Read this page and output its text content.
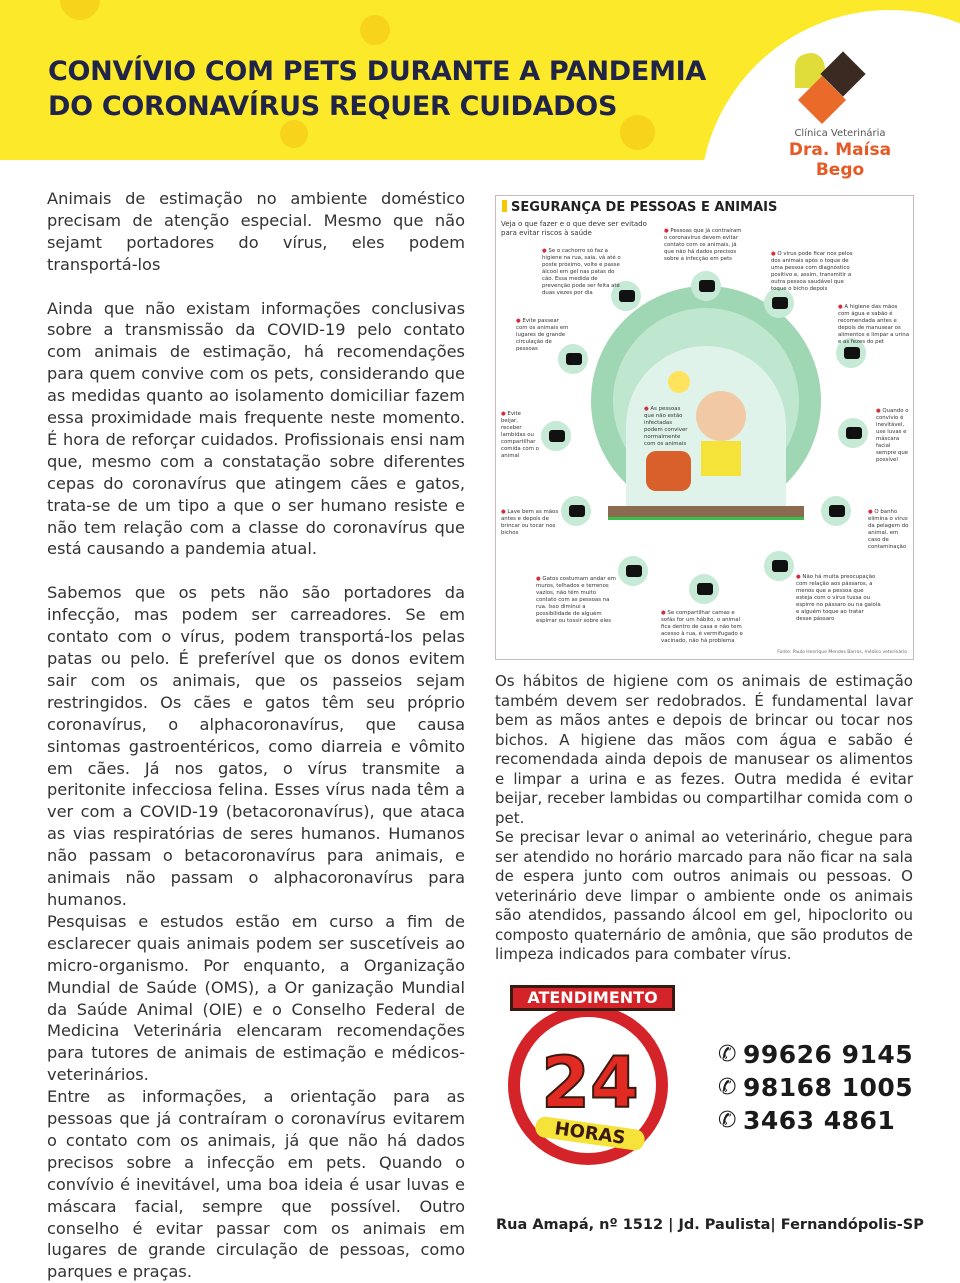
CONVÍVIO COM PETS DURANTE A PANDEMIA
DO CORONAVÍRUS REQUER CUIDADOS
Clínica Veterinária
Dra. Maísa Bego

Animais de estimação no ambiente doméstico precisam de atenção especial. Mesmo que não sejamt portadores do vírus, eles podem transportá-los

Ainda que não existam informações conclusivas sobre a transmissão da COVID-19 pelo contato com animais de estimação, há recomendações para quem convive com os pets, considerando que as medidas quanto ao isolamento domiciliar fazem essa proximidade mais frequente neste momento. É hora de reforçar cuidados. Profissionais ensi nam que, mesmo com a constatação sobre diferentes cepas do coronavírus que atingem cães e gatos, trata-se de um tipo a que o ser humano resiste e não tem relação com a classe do coronavírus que está causando a pandemia atual.

Sabemos que os pets não são portadores da infecção, mas podem ser carreadores. Se em contato com o vírus, podem transportá-los pelas patas ou pelo. É preferível que os donos evitem sair com os animais, que os passeios sejam restringidos. Os cães e gatos têm seu próprio coronavírus, o alphacoronavírus, que causa sintomas gastroentéricos, como diarreia e vômito em cães. Já nos gatos, o vírus transmite a peritonite infecciosa felina. Esses vírus nada têm a ver com a COVID-19 (betacoronavírus), que ataca as vias respiratórias de seres humanos. Humanos não passam o betacoronavírus para animais, e animais não passam o alphacoronavírus para humanos.

Pesquisas e estudos estão em curso a fim de esclarecer quais animais podem ser suscetíveis ao micro-organismo. Por enquanto, a Organização Mundial de Saúde (OMS), a Or ganização Mundial da Saúde Animal (OIE) e o Conselho Federal de Medicina Veterinária elencaram recomendações para tutores de animais de estimação e médicos-veterinários.

Entre as informações, a orientação para as pessoas que já contraíram o coronavírus evitarem o contato com os animais, já que não há dados precisos sobre a infecção em pets. Quando o convívio é inevitável, uma boa ideia é usar luvas e máscara facial, sempre que possível. Outro conselho é evitar passar com os animais em lugares de grande circulação de pessoas, como parques e praças.

SEGURANÇA DE PESSOAS E ANIMAIS
Veja o que fazer e o que deve ser evitado para evitar riscos à saúde
● Se o cachorro só faz a higiene na rua, saia, vá até o poste próximo, volte e passe álcool em gel nas patas do cão. Essa medida de prevenção pode ser feita até duas vezes por dia
● Pessoas que já contraíram o coronavírus devem evitar contato com os animais, já que não há dados precisos sobre a infecção em pets
● O vírus pode ficar nos pelos dos animais após o toque de uma pessoa com diagnóstico positivo e, assim, transmitir a outra pessoa saudável que toque o bicho depois
● Evite passear com os animais em lugares de grande circulação de pessoas
● A higiene das mãos com água e sabão é recomendada antes e depois de manusear os alimentos e limpar a urina e as fezes do pet
● Evite beijar, receber lambidas ou compartilhar comida com o animal
● As pessoas que não estão infectadas podem conviver normalmente com os animais
● Quando o convívio é inevitável, use luvas e máscara facial sempre que possível
● Lave bem as mãos antes e depois de brincar ou tocar nos bichos
● O banho elimina o vírus da pelagem do animal, em caso de contaminação
● Gatos costumam andar em muros, telhados e terrenos vazios, não têm muito contato com as pessoas na rua. Isso diminui a possibilidade de alguém espirrar ou tossir sobre eles
● Se compartilhar camas e sofás for um hábito, o animal fica dentro de casa e não tem acesso à rua, é vermifugado e vacinado, não há problema
● Não há muita preocupação com relação aos pássaros, a menos que a pessoa que esteja com o vírus tussa ou espirre no pássaro ou na gaiola e alguém toque ao tratar desse pássaro
Fonte: Paulo Henrique Mendes Barros, médico veterinário

Os hábitos de higiene com os animais de estimação também devem ser redobrados. É fundamental lavar bem as mãos antes e depois de brincar ou tocar nos bichos. A higiene das mãos com água e sabão é recomendada ainda depois de manusear os alimentos e limpar a urina e as fezes. Outra medida é evitar beijar, receber lambidas ou compartilhar comida com o pet.

Se precisar levar o animal ao veterinário, chegue para ser atendido no horário marcado para não ficar na sala de espera junto com outros animais ou pessoas. O veterinário deve limpar o ambiente onde os animais são atendidos, passando álcool em gel, hipoclorito ou composto quaternário de amônia, que são produtos de limpeza indicados para combater vírus.

ATENDIMENTO
24
HORAS
✆ 99626 9145
✆ 98168 1005
✆ 3463 4861
Rua Amapá, nº 1512 | Jd. Paulista| Fernandópolis-SP
